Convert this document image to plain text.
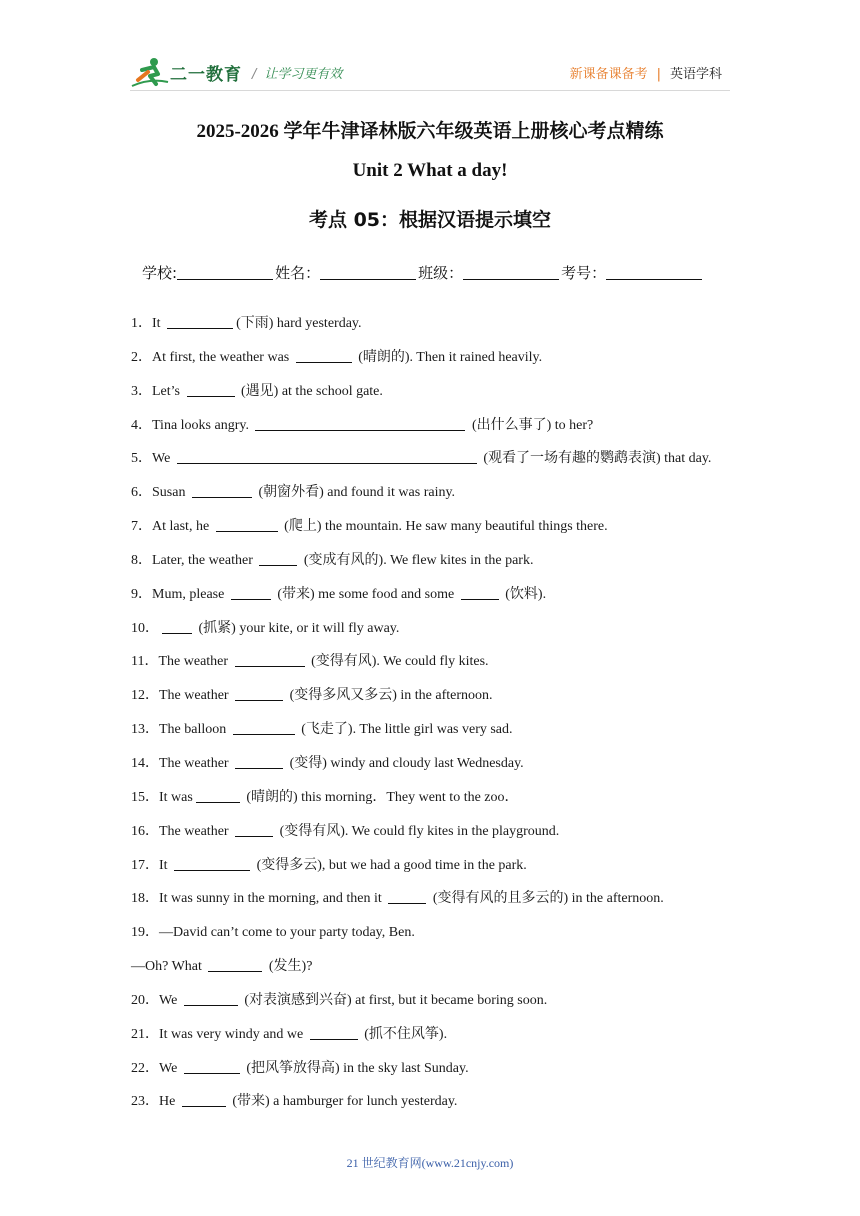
二一教育 / 让学习更有效	新课备课备考 | 英语学科
2025-2026 学年牛津译林版六年级英语上册核心考点精练
Unit 2 What a day!
考点 05：根据汉语提示填空
学校:	姓名：	班级：	考号：
1．It	(下雨) hard yesterday.
2．At first, the weather was	(晴朗的). Then it rained heavily.
3．Let’s	(遇见) at the school gate.
4．Tina looks angry.	(出什么事了) to her?
5．We	(观看了一场有趣的鹦鹉表演) that day.
6．Susan	(朝窗外看) and found it was rainy.
7．At last, he	(爬上) the mountain. He saw many beautiful things there.
8．Later, the weather	(变成有风的). We flew kites in the park.
9．Mum, please	(带来) me some food and some	(饮料).
10．	(抓紧) your kite, or it will fly away.
11．The weather	(变得有风). We could fly kites.
12．The weather	(变得多风又多云) in the afternoon.
13．The balloon	(飞走了). The little girl was very sad.
14．The weather	(变得) windy and cloudy last Wednesday.
15．It was	(晴朗的) this morning．They went to the zoo．
16．The weather	(变得有风). We could fly kites in the playground.
17．It	(变得多云), but we had a good time in the park.
18．It was sunny in the morning, and then it	(变得有风的且多云的) in the afternoon.
19．—David can’t come to your party today, Ben.
—Oh? What	(发生)?
20．We	(对表演感到兴奋) at first, but it became boring soon.
21．It was very windy and we	(抓不住风筝).
22．We	(把风筝放得高) in the sky last Sunday.
23．He	(带来) a hamburger for lunch yesterday.
21 世纪教育网(www.21cnjy.com)
